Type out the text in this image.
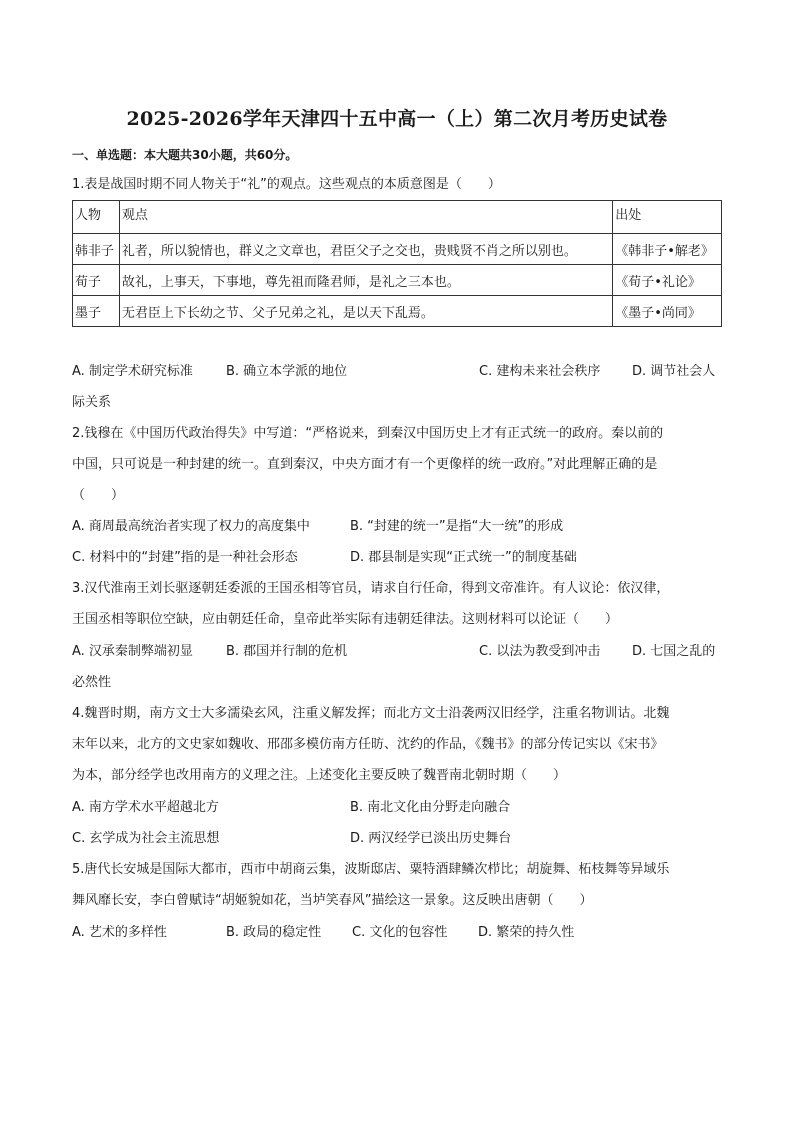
2025-2026学年天津四十五中高一（上）第二次月考历史试卷
一、单选题：本大题共30小题，共60分。
1.表是战国时期不同人物关于“礼”的观点。这些观点的本质意图是（　　）
人物	观点	出处
韩非子	礼者，所以貌情也，群义之文章也，君臣父子之交也，贵贱贤不肖之所以别也。	《韩非子•解老》
荀子	故礼，上事天，下事地，尊先祖而隆君师，是礼之三本也。	《荀子•礼论》
墨子	无君臣上下长幼之节、父子兄弟之礼，是以天下乱焉。	《墨子•尚同》
A. 制定学术研究标准	B. 确立本学派的地位	C. 建构未来社会秩序 D. 调节社会人
际关系
2.钱穆在《中国历代政治得失》中写道：“严格说来，到秦汉中国历史上才有正式统一的政府。秦以前的
中国，只可说是一种封建的统一。直到秦汉，中央方面才有一个更像样的统一政府。”对此理解正确的是
（　　）
A. 商周最高统治者实现了权力的高度集中	B. “封建的统一”是指“大一统”的形成
C. 材料中的“封建”指的是一种社会形态	D. 郡县制是实现“正式统一”的制度基础
3.汉代淮南王刘长驱逐朝廷委派的王国丞相等官员，请求自行任命，得到文帝准许。有人议论：依汉律，
王国丞相等职位空缺，应由朝廷任命，皇帝此举实际有违朝廷律法。这则材料可以论证（　　）
A. 汉承秦制弊端初显	B. 郡国并行制的危机	C. 以法为教受到冲击 D. 七国之乱的
必然性
4.魏晋时期，南方文士大多濡染玄风，注重义解发挥；而北方文士沿袭两汉旧经学，注重名物训诂。北魏
末年以来，北方的文史家如魏收、邢邵多模仿南方任昉、沈约的作品，《魏书》的部分传记实以《宋书》
为本，部分经学也改用南方的义理之注。上述变化主要反映了魏晋南北朝时期（　　）
A. 南方学术水平超越北方	B. 南北文化由分野走向融合
C. 玄学成为社会主流思想	D. 两汉经学已淡出历史舞台
5.唐代长安城是国际大都市，西市中胡商云集，波斯邸店、粟特酒肆鳞次栉比；胡旋舞、柘枝舞等异域乐
舞风靡长安，李白曾赋诗“胡姬貌如花，当垆笑春风”描绘这一景象。这反映出唐朝（　　）
A. 艺术的多样性	B. 政局的稳定性 C. 文化的包容性 D. 繁荣的持久性
